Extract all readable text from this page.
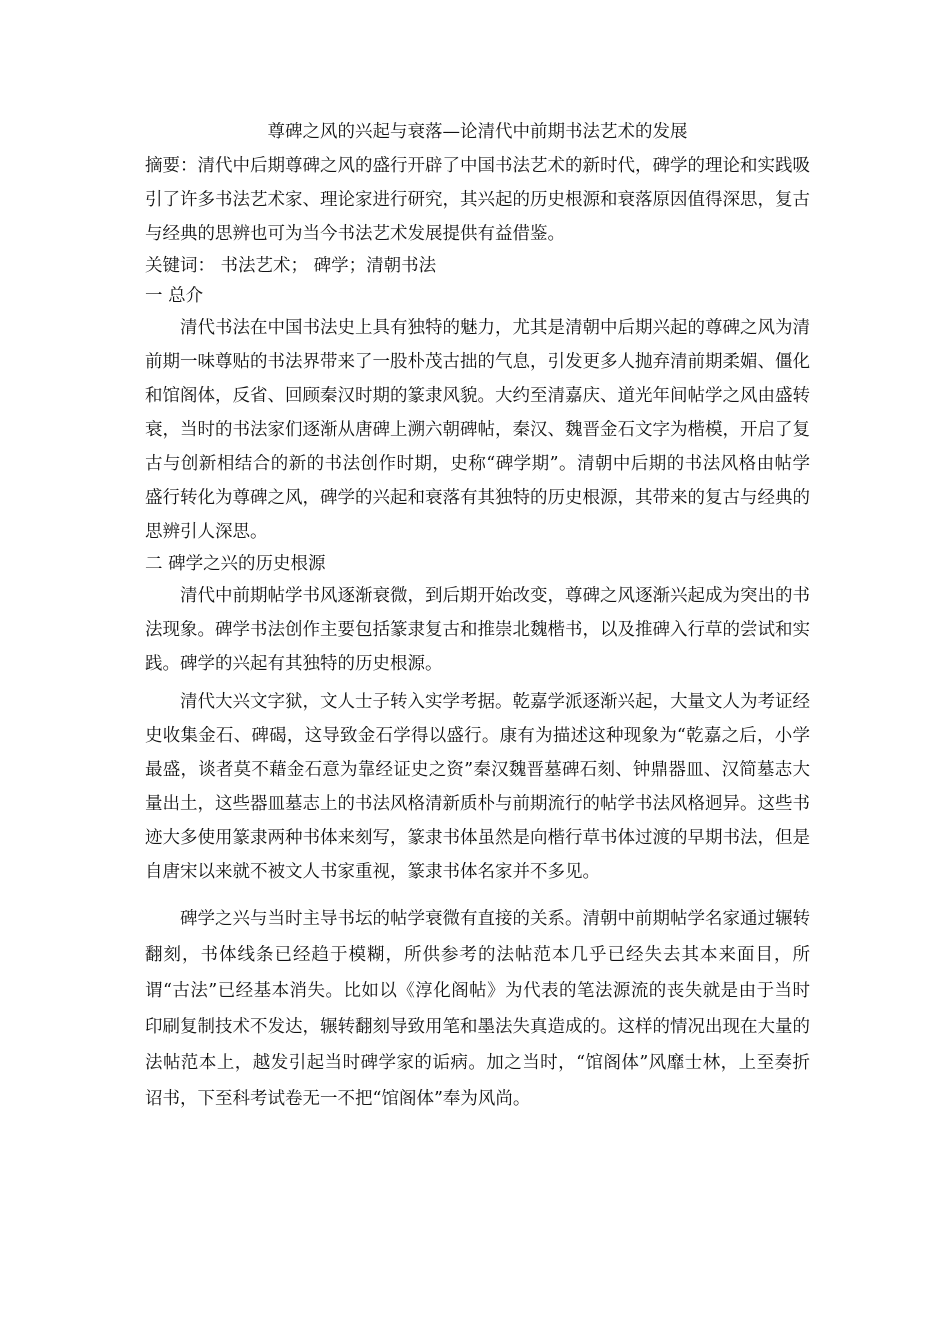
尊碑之风的兴起与衰落—论清代中前期书法艺术的发展

摘要：清代中后期尊碑之风的盛行开辟了中国书法艺术的新时代，碑学的理论和实践吸引了许多书法艺术家、理论家进行研究，其兴起的历史根源和衰落原因值得深思，复古与经典的思辨也可为当今书法艺术发展提供有益借鉴。

关键词： 书法艺术； 碑学；清朝书法

一 总介

清代书法在中国书法史上具有独特的魅力，尤其是清朝中后期兴起的尊碑之风为清前期一味尊贴的书法界带来了一股朴茂古拙的气息，引发更多人抛弃清前期柔媚、僵化和馆阁体，反省、回顾秦汉时期的篆隶风貌。大约至清嘉庆、道光年间帖学之风由盛转衰，当时的书法家们逐渐从唐碑上溯六朝碑帖，秦汉、魏晋金石文字为楷模，开启了复古与创新相结合的新的书法创作时期，史称“碑学期”。清朝中后期的书法风格由帖学盛行转化为尊碑之风，碑学的兴起和衰落有其独特的历史根源，其带来的复古与经典的思辨引人深思。

二 碑学之兴的历史根源

清代中前期帖学书风逐渐衰微，到后期开始改变，尊碑之风逐渐兴起成为突出的书法现象。碑学书法创作主要包括篆隶复古和推崇北魏楷书，以及推碑入行草的尝试和实践。碑学的兴起有其独特的历史根源。

清代大兴文字狱，文人士子转入实学考据。乾嘉学派逐渐兴起，大量文人为考证经史收集金石、碑碣，这导致金石学得以盛行。康有为描述这种现象为“乾嘉之后，小学最盛，谈者莫不藉金石意为靠经证史之资”秦汉魏晋墓碑石刻、钟鼎器皿、汉简墓志大量出土，这些器皿墓志上的书法风格清新质朴与前期流行的帖学书法风格迥异。这些书迹大多使用篆隶两种书体来刻写，篆隶书体虽然是向楷行草书体过渡的早期书法，但是自唐宋以来就不被文人书家重视，篆隶书体名家并不多见。

碑学之兴与当时主导书坛的帖学衰微有直接的关系。清朝中前期帖学名家通过辗转翻刻，书体线条已经趋于模糊，所供参考的法帖范本几乎已经失去其本来面目，所谓“古法”已经基本消失。比如以《淳化阁帖》为代表的笔法源流的丧失就是由于当时印刷复制技术不发达，辗转翻刻导致用笔和墨法失真造成的。这样的情况出现在大量的法帖范本上，越发引起当时碑学家的诟病。加之当时，“馆阁体”风靡士林，上至奏折诏书，下至科考试卷无一不把“馆阁体”奉为风尚。
